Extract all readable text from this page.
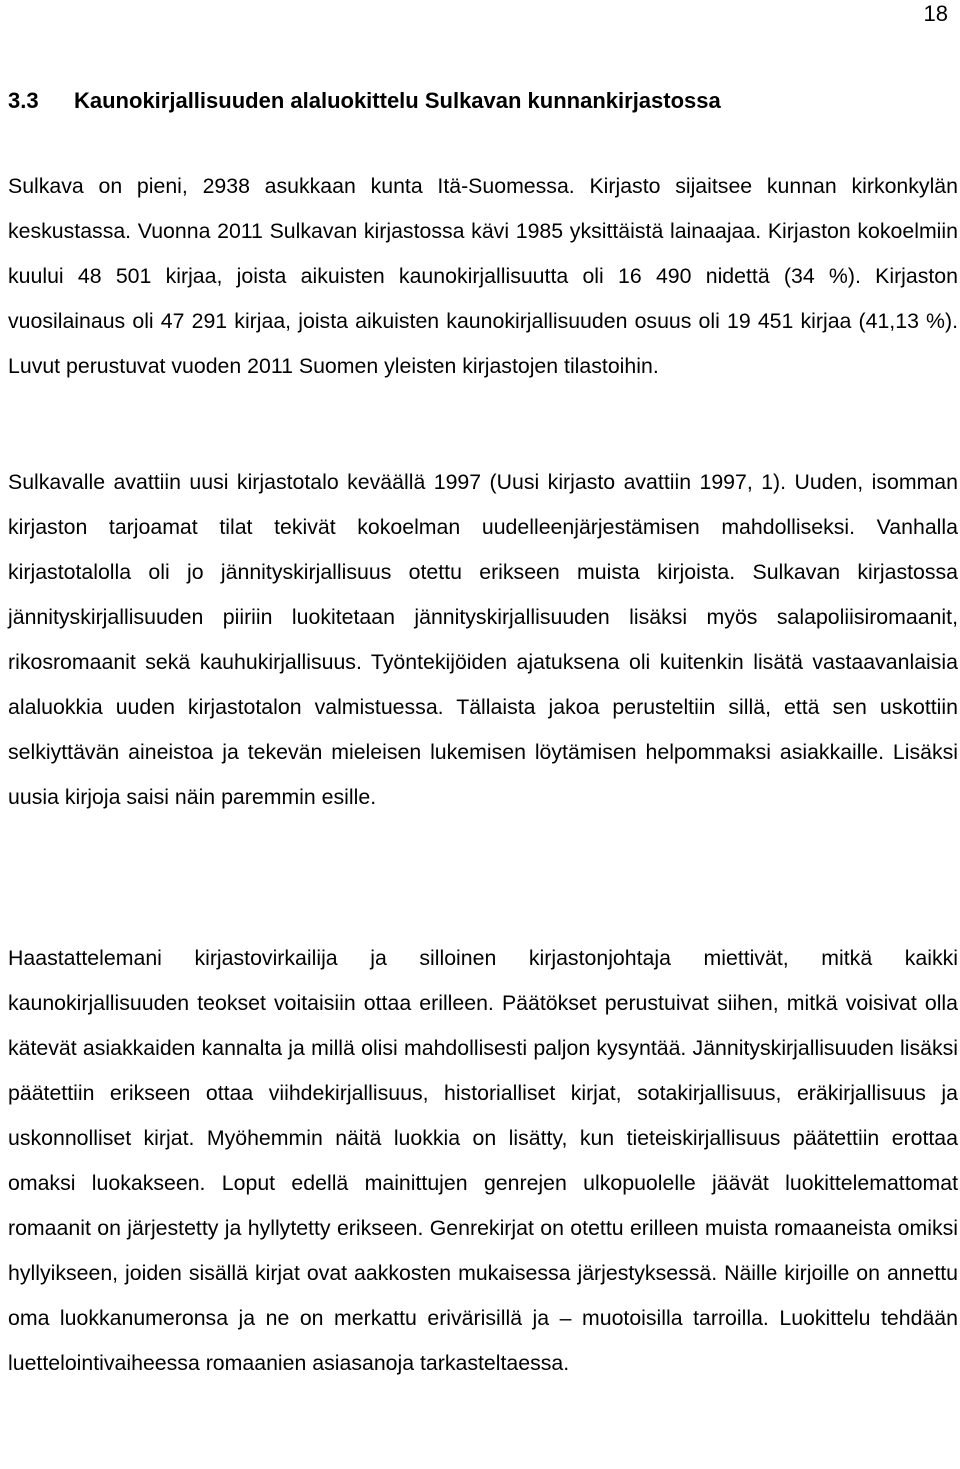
18
3.3 Kaunokirjallisuuden alaluokittelu Sulkavan kunnankirjastossa

Sulkava on pieni, 2938 asukkaan kunta Itä-Suomessa. Kirjasto sijaitsee kunnan kirkonkylän keskustassa. Vuonna 2011 Sulkavan kirjastossa kävi 1985 yksittäistä lainaajaa. Kirjaston kokoelmiin kuului 48 501 kirjaa, joista aikuisten kaunokirjallisuutta oli 16 490 nidettä (34 %). Kirjaston vuosilainaus oli 47 291 kirjaa, joista aikuisten kaunokirjallisuuden osuus oli 19 451 kirjaa (41,13 %). Luvut perustuvat vuoden 2011 Suomen yleisten kirjastojen tilastoihin.

Sulkavalle avattiin uusi kirjastotalo keväällä 1997 (Uusi kirjasto avattiin 1997, 1). Uuden, isomman kirjaston tarjoamat tilat tekivät kokoelman uudelleenjärjestämisen mahdolliseksi. Vanhalla kirjastotalolla oli jo jännityskirjallisuus otettu erikseen muista kirjoista. Sulkavan kirjastossa jännityskirjallisuuden piiriin luokitetaan jännityskirjallisuuden lisäksi myös salapoliisiromaanit, rikosromaanit sekä kauhukirjallisuus. Työntekijöiden ajatuksena oli kuitenkin lisätä vastaavanlaisia alaluokkia uuden kirjastotalon valmistuessa. Tällaista jakoa perusteltiin sillä, että sen uskottiin selkiyttävän aineistoa ja tekevän mieleisen lukemisen löytämisen helpommaksi asiakkaille. Lisäksi uusia kirjoja saisi näin paremmin esille.

Haastattelemani kirjastovirkailija ja silloinen kirjastonjohtaja miettivät, mitkä kaikki kaunokirjallisuuden teokset voitaisiin ottaa erilleen. Päätökset perustuivat siihen, mitkä voisivat olla kätevät asiakkaiden kannalta ja millä olisi mahdollisesti paljon kysyntää. Jännityskirjallisuuden lisäksi päätettiin erikseen ottaa viihdekirjallisuus, historialliset kirjat, sotakirjallisuus, eräkirjallisuus ja uskonnolliset kirjat. Myöhemmin näitä luokkia on lisätty, kun tieteiskirjallisuus päätettiin erottaa omaksi luokakseen. Loput edellä mainittujen genrejen ulkopuolelle jäävät luokittelemattomat romaanit on järjestetty ja hyllytetty erikseen. Genrekirjat on otettu erilleen muista romaaneista omiksi hyllyikseen, joiden sisällä kirjat ovat aakkosten mukaisessa järjestyksessä. Näille kirjoille on annettu oma luokkanumeronsa ja ne on merkattu erivärisillä ja – muotoisilla tarroilla. Luokittelu tehdään luettelointivaiheessa romaanien asiasanoja tarkasteltaessa.
